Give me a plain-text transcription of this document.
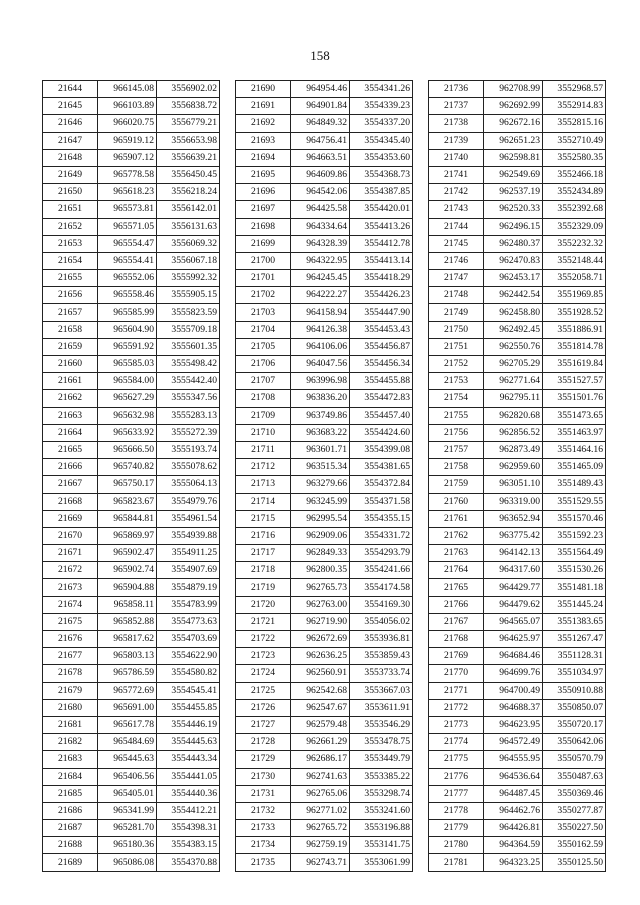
158
21644	966145.08	3556902.02
21645	966103.89	3556838.72
21646	966020.75	3556779.21
21647	965919.12	3556653.98
21648	965907.12	3556639.21
21649	965778.58	3556450.45
21650	965618.23	3556218.24
21651	965573.81	3556142.01
21652	965571.05	3556131.63
21653	965554.47	3556069.32
21654	965554.41	3556067.18
21655	965552.06	3555992.32
21656	965558.46	3555905.15
21657	965585.99	3555823.59
21658	965604.90	3555709.18
21659	965591.92	3555601.35
21660	965585.03	3555498.42
21661	965584.00	3555442.40
21662	965627.29	3555347.56
21663	965632.98	3555283.13
21664	965633.92	3555272.39
21665	965666.50	3555193.74
21666	965740.82	3555078.62
21667	965750.17	3555064.13
21668	965823.67	3554979.76
21669	965844.81	3554961.54
21670	965869.97	3554939.88
21671	965902.47	3554911.25
21672	965902.74	3554907.69
21673	965904.88	3554879.19
21674	965858.11	3554783.99
21675	965852.88	3554773.63
21676	965817.62	3554703.69
21677	965803.13	3554622.90
21678	965786.59	3554580.82
21679	965772.69	3554545.41
21680	965691.00	3554455.85
21681	965617.78	3554446.19
21682	965484.69	3554445.63
21683	965445.63	3554443.34
21684	965406.56	3554441.05
21685	965405.01	3554440.36
21686	965341.99	3554412.21
21687	965281.70	3554398.31
21688	965180.36	3554383.15
21689	965086.08	3554370.88
21690	964954.46	3554341.26
21691	964901.84	3554339.23
21692	964849.32	3554337.20
21693	964756.41	3554345.40
21694	964663.51	3554353.60
21695	964609.86	3554368.73
21696	964542.06	3554387.85
21697	964425.58	3554420.01
21698	964334.64	3554413.26
21699	964328.39	3554412.78
21700	964322.95	3554413.14
21701	964245.45	3554418.29
21702	964222.27	3554426.23
21703	964158.94	3554447.90
21704	964126.38	3554453.43
21705	964106.06	3554456.87
21706	964047.56	3554456.34
21707	963996.98	3554455.88
21708	963836.20	3554472.83
21709	963749.86	3554457.40
21710	963683.22	3554424.60
21711	963601.71	3554399.08
21712	963515.34	3554381.65
21713	963279.66	3554372.84
21714	963245.99	3554371.58
21715	962995.54	3554355.15
21716	962909.06	3554331.72
21717	962849.33	3554293.79
21718	962800.35	3554241.66
21719	962765.73	3554174.58
21720	962763.00	3554169.30
21721	962719.90	3554056.02
21722	962672.69	3553936.81
21723	962636.25	3553859.43
21724	962560.91	3553733.74
21725	962542.68	3553667.03
21726	962547.67	3553611.91
21727	962579.48	3553546.29
21728	962661.29	3553478.75
21729	962686.17	3553449.79
21730	962741.63	3553385.22
21731	962765.06	3553298.74
21732	962771.02	3553241.60
21733	962765.72	3553196.88
21734	962759.19	3553141.75
21735	962743.71	3553061.99
21736	962708.99	3552968.57
21737	962692.99	3552914.83
21738	962672.16	3552815.16
21739	962651.23	3552710.49
21740	962598.81	3552580.35
21741	962549.69	3552466.18
21742	962537.19	3552434.89
21743	962520.33	3552392.68
21744	962496.15	3552329.09
21745	962480.37	3552232.32
21746	962470.83	3552148.44
21747	962453.17	3552058.71
21748	962442.54	3551969.85
21749	962458.80	3551928.52
21750	962492.45	3551886.91
21751	962550.76	3551814.78
21752	962705.29	3551619.84
21753	962771.64	3551527.57
21754	962795.11	3551501.76
21755	962820.68	3551473.65
21756	962856.52	3551463.97
21757	962873.49	3551464.16
21758	962959.60	3551465.09
21759	963051.10	3551489.43
21760	963319.00	3551529.55
21761	963652.94	3551570.46
21762	963775.42	3551592.23
21763	964142.13	3551564.49
21764	964317.60	3551530.26
21765	964429.77	3551481.18
21766	964479.62	3551445.24
21767	964565.07	3551383.65
21768	964625.97	3551267.47
21769	964684.46	3551128.31
21770	964699.76	3551034.97
21771	964700.49	3550910.88
21772	964688.37	3550850.07
21773	964623.95	3550720.17
21774	964572.49	3550642.06
21775	964555.95	3550570.79
21776	964536.64	3550487.63
21777	964487.45	3550369.46
21778	964462.76	3550277.87
21779	964426.81	3550227.50
21780	964364.59	3550162.59
21781	964323.25	3550125.50
